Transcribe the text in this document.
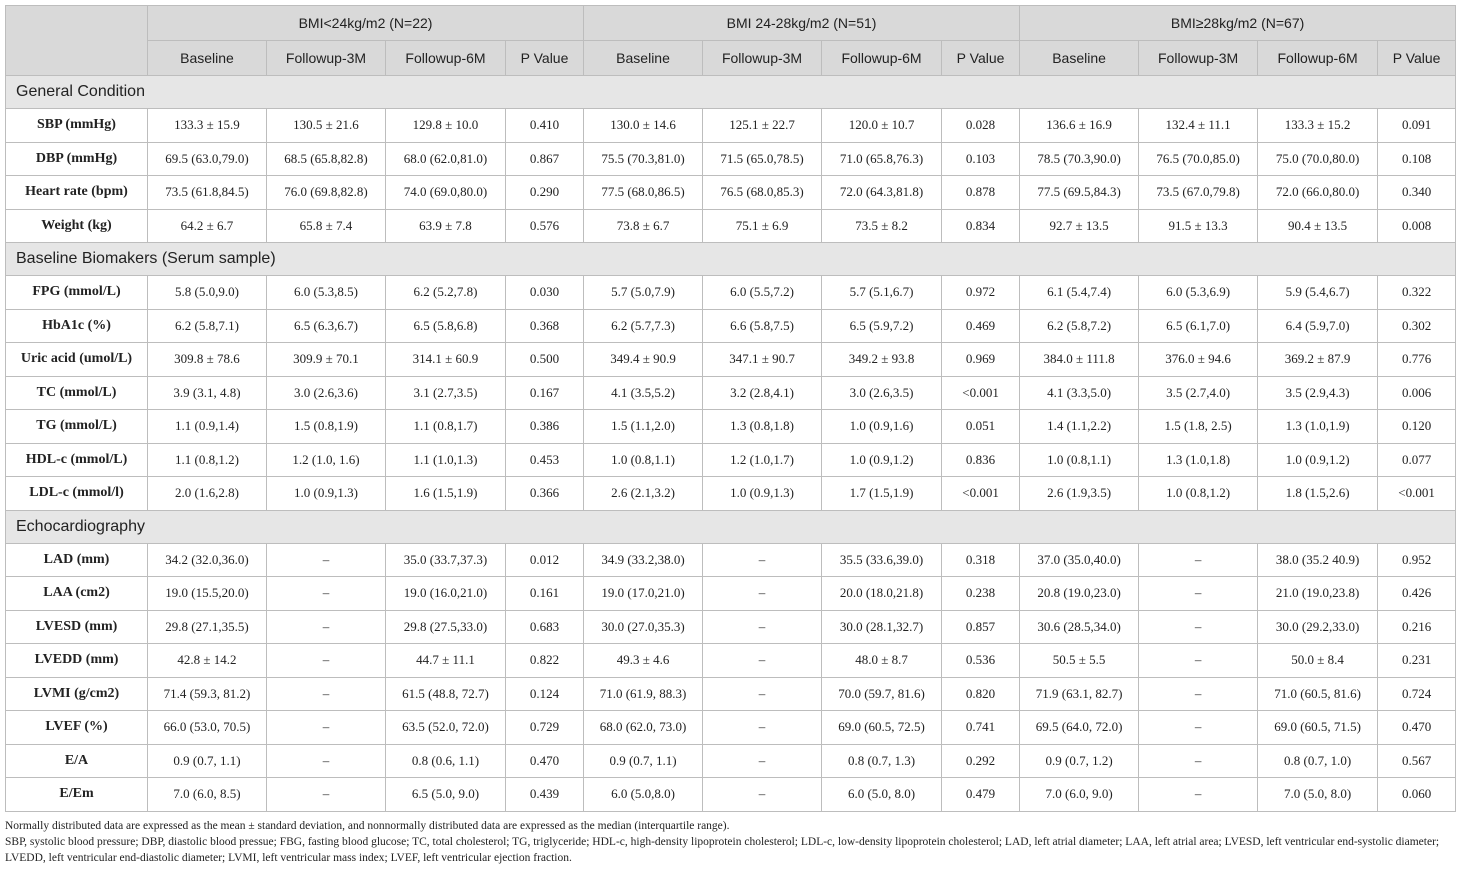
	BMI<24kg/m2 (N=22)				BMI 24-28kg/m2 (N=51)				BMI≥28kg/m2 (N=67)			
	Baseline	Followup-3M	Followup-6M	P Value	Baseline	Followup-3M	Followup-6M	P Value	Baseline	Followup-3M	Followup-6M	P Value
General Condition												
SBP (mmHg)	133.3 ± 15.9	130.5 ± 21.6	129.8 ± 10.0	0.410	130.0 ± 14.6	125.1 ± 22.7	120.0 ± 10.7	0.028	136.6 ± 16.9	132.4 ± 11.1	133.3 ± 15.2	0.091
DBP (mmHg)	69.5 (63.0,79.0)	68.5 (65.8,82.8)	68.0 (62.0,81.0)	0.867	75.5 (70.3,81.0)	71.5 (65.0,78.5)	71.0 (65.8,76.3)	0.103	78.5 (70.3,90.0)	76.5 (70.0,85.0)	75.0 (70.0,80.0)	0.108
Heart rate (bpm)	73.5 (61.8,84.5)	76.0 (69.8,82.8)	74.0 (69.0,80.0)	0.290	77.5 (68.0,86.5)	76.5 (68.0,85.3)	72.0 (64.3,81.8)	0.878	77.5 (69.5,84.3)	73.5 (67.0,79.8)	72.0 (66.0,80.0)	0.340
Weight (kg)	64.2 ± 6.7	65.8 ± 7.4	63.9 ± 7.8	0.576	73.8 ± 6.7	75.1 ± 6.9	73.5 ± 8.2	0.834	92.7 ± 13.5	91.5 ± 13.3	90.4 ± 13.5	0.008
Baseline Biomakers (Serum sample)												
FPG (mmol/L)	5.8 (5.0,9.0)	6.0 (5.3,8.5)	6.2 (5.2,7.8)	0.030	5.7 (5.0,7.9)	6.0 (5.5,7.2)	5.7 (5.1,6.7)	0.972	6.1 (5.4,7.4)	6.0 (5.3,6.9)	5.9 (5.4,6.7)	0.322
HbA1c (%)	6.2 (5.8,7.1)	6.5 (6.3,6.7)	6.5 (5.8,6.8)	0.368	6.2 (5.7,7.3)	6.6 (5.8,7.5)	6.5 (5.9,7.2)	0.469	6.2 (5.8,7.2)	6.5 (6.1,7.0)	6.4 (5.9,7.0)	0.302
Uric acid (umol/L)	309.8 ± 78.6	309.9 ± 70.1	314.1 ± 60.9	0.500	349.4 ± 90.9	347.1 ± 90.7	349.2 ± 93.8	0.969	384.0 ± 111.8	376.0 ± 94.6	369.2 ± 87.9	0.776
TC (mmol/L)	3.9 (3.1, 4.8)	3.0 (2.6,3.6)	3.1 (2.7,3.5)	0.167	4.1 (3.5,5.2)	3.2 (2.8,4.1)	3.0 (2.6,3.5)	<0.001	4.1 (3.3,5.0)	3.5 (2.7,4.0)	3.5 (2.9,4.3)	0.006
TG (mmol/L)	1.1 (0.9,1.4)	1.5 (0.8,1.9)	1.1 (0.8,1.7)	0.386	1.5 (1.1,2.0)	1.3 (0.8,1.8)	1.0 (0.9,1.6)	0.051	1.4 (1.1,2.2)	1.5 (1.8, 2.5)	1.3 (1.0,1.9)	0.120
HDL-c (mmol/L)	1.1 (0.8,1.2)	1.2 (1.0, 1.6)	1.1 (1.0,1.3)	0.453	1.0 (0.8,1.1)	1.2 (1.0,1.7)	1.0 (0.9,1.2)	0.836	1.0 (0.8,1.1)	1.3 (1.0,1.8)	1.0 (0.9,1.2)	0.077
LDL-c (mmol/l)	2.0 (1.6,2.8)	1.0 (0.9,1.3)	1.6 (1.5,1.9)	0.366	2.6 (2.1,3.2)	1.0 (0.9,1.3)	1.7 (1.5,1.9)	<0.001	2.6 (1.9,3.5)	1.0 (0.8,1.2)	1.8 (1.5,2.6)	<0.001
Echocardiography												
LAD (mm)	34.2 (32.0,36.0)	–	35.0 (33.7,37.3)	0.012	34.9 (33.2,38.0)	–	35.5 (33.6,39.0)	0.318	37.0 (35.0,40.0)	–	38.0 (35.2 40.9)	0.952
LAA (cm2)	19.0 (15.5,20.0)	–	19.0 (16.0,21.0)	0.161	19.0 (17.0,21.0)	–	20.0 (18.0,21.8)	0.238	20.8 (19.0,23.0)	–	21.0 (19.0,23.8)	0.426
LVESD (mm)	29.8 (27.1,35.5)	–	29.8 (27.5,33.0)	0.683	30.0 (27.0,35.3)	–	30.0 (28.1,32.7)	0.857	30.6 (28.5,34.0)	–	30.0 (29.2,33.0)	0.216
LVEDD (mm)	42.8 ± 14.2	–	44.7 ± 11.1	0.822	49.3 ± 4.6	–	48.0 ± 8.7	0.536	50.5 ± 5.5	–	50.0 ± 8.4	0.231
LVMI (g/cm2)	71.4 (59.3, 81.2)	–	61.5 (48.8, 72.7)	0.124	71.0 (61.9, 88.3)	–	70.0 (59.7, 81.6)	0.820	71.9 (63.1, 82.7)	–	71.0 (60.5, 81.6)	0.724
LVEF (%)	66.0 (53.0, 70.5)	–	63.5 (52.0, 72.0)	0.729	68.0 (62.0, 73.0)	–	69.0 (60.5, 72.5)	0.741	69.5 (64.0, 72.0)	–	69.0 (60.5, 71.5)	0.470
E/A	0.9 (0.7, 1.1)	–	0.8 (0.6, 1.1)	0.470	0.9 (0.7, 1.1)	–	0.8 (0.7, 1.3)	0.292	0.9 (0.7, 1.2)	–	0.8 (0.7, 1.0)	0.567
E/Em	7.0 (6.0, 8.5)	–	6.5 (5.0, 9.0)	0.439	6.0 (5.0,8.0)	–	6.0 (5.0, 8.0)	0.479	7.0 (6.0, 9.0)	–	7.0 (5.0, 8.0)	0.060

Normally distributed data are expressed as the mean ± standard deviation, and nonnormally distributed data are expressed as the median (interquartile range).

SBP, systolic blood pressure; DBP, diastolic blood pressue; FBG, fasting blood glucose; TC, total cholesterol; TG, triglyceride; HDL-c, high-density lipoprotein cholesterol; LDL-c, low-density lipoprotein cholesterol; LAD, left atrial diameter; LAA, left atrial area; LVESD, left ventricular end-systolic diameter; LVEDD, left ventricular end-diastolic diameter; LVMI, left ventricular mass index; LVEF, left ventricular ejection fraction.
